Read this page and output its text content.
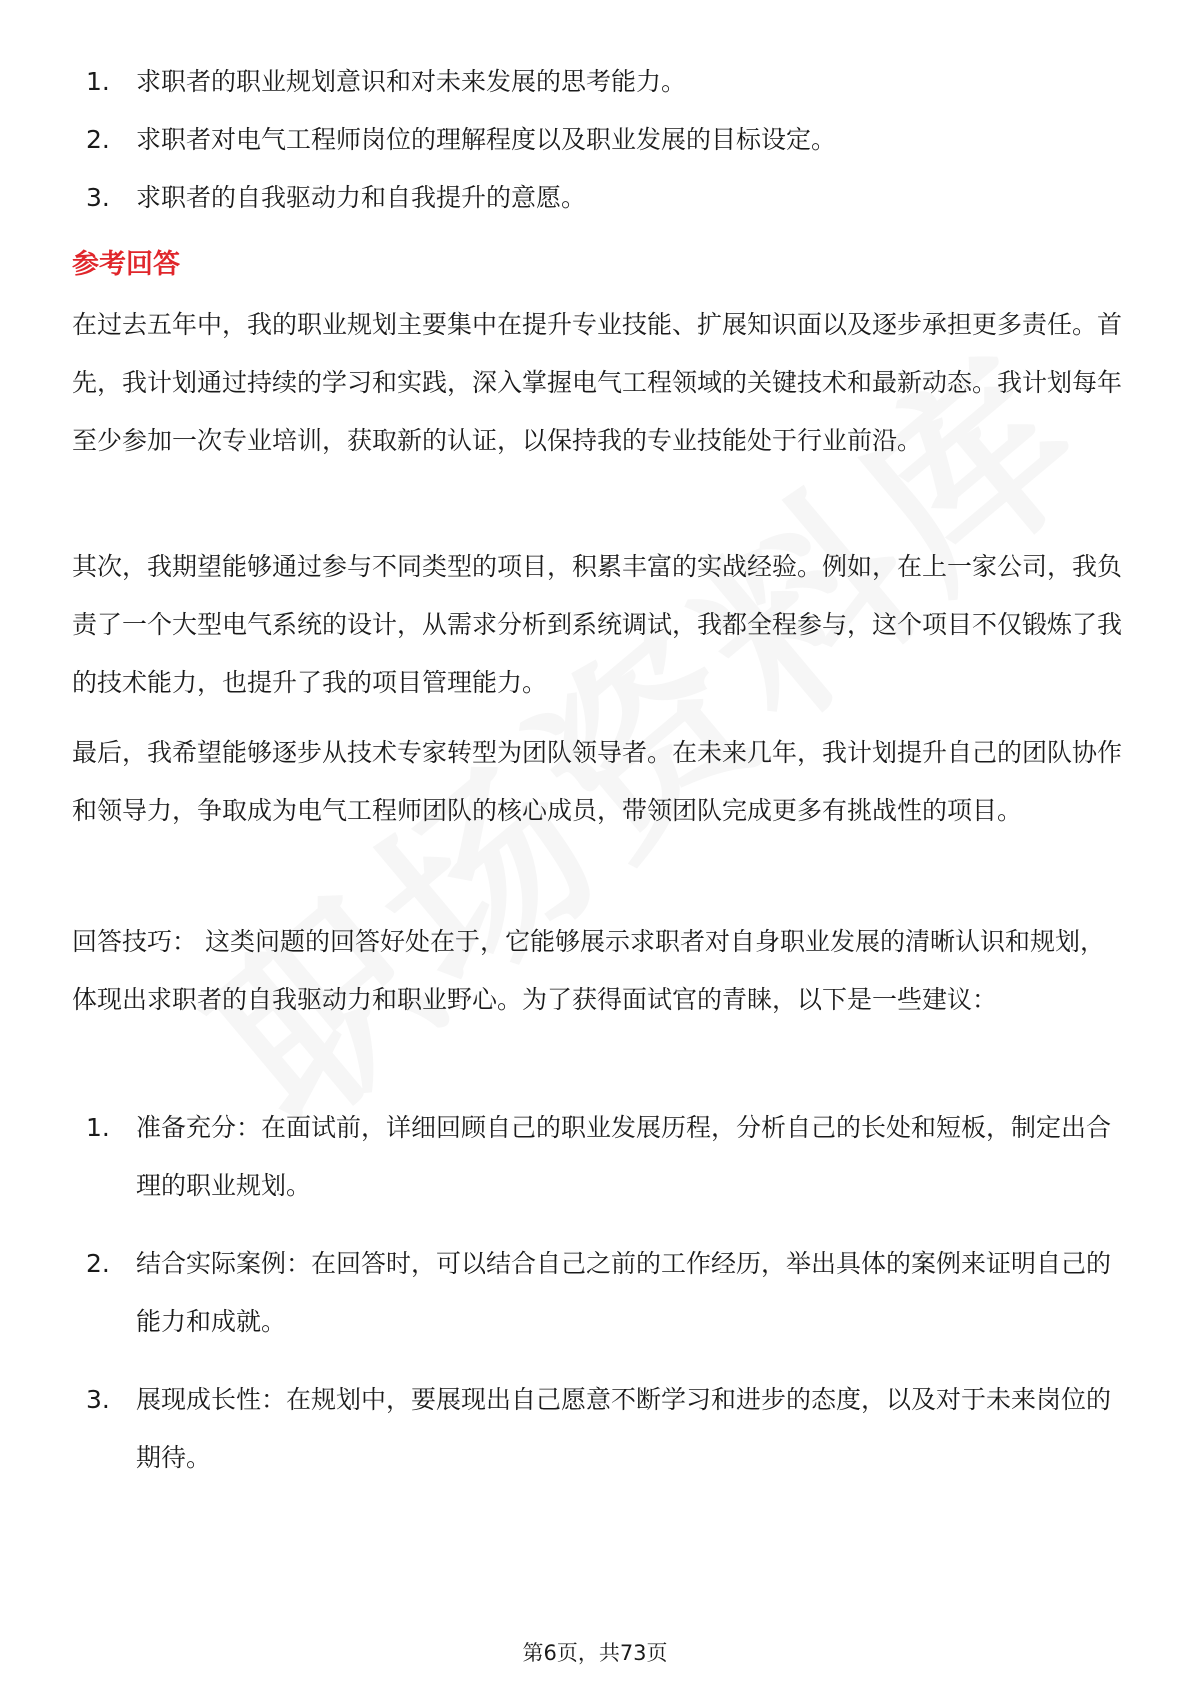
1.	求职者的职业规划意识和对未来发展的思考能力。
2.	求职者对电气工程师岗位的理解程度以及职业发展的目标设定。
3.	求职者的自我驱动力和自我提升的意愿。
参考回答

在过去五年中，我的职业规划主要集中在提升专业技能、扩展知识面以及逐步承担更多责任。首先，我计划通过持续的学习和实践，深入掌握电气工程领域的关键技术和最新动态。我计划每年至少参加一次专业培训，获取新的认证，以保持我的专业技能处于行业前沿。

其次，我期望能够通过参与不同类型的项目，积累丰富的实战经验。例如，在上一家公司，我负责了一个大型电气系统的设计，从需求分析到系统调试，我都全程参与，这个项目不仅锻炼了我的技术能力，也提升了我的项目管理能力。

最后，我希望能够逐步从技术专家转型为团队领导者。在未来几年，我计划提升自己的团队协作和领导力，争取成为电气工程师团队的核心成员，带领团队完成更多有挑战性的项目。

回答技巧： 这类问题的回答好处在于，它能够展示求职者对自身职业发展的清晰认识和规划，体现出求职者的自我驱动力和职业野心。为了获得面试官的青睐，以下是一些建议：

1.	准备充分：在面试前，详细回顾自己的职业发展历程，分析自己的长处和短板，制定出合理的职业规划。
2.	结合实际案例：在回答时，可以结合自己之前的工作经历，举出具体的案例来证明自己的能力和成就。
3.	展现成长性：在规划中，要展现出自己愿意不断学习和进步的态度，以及对于未来岗位的期待。
第6页，共73页
